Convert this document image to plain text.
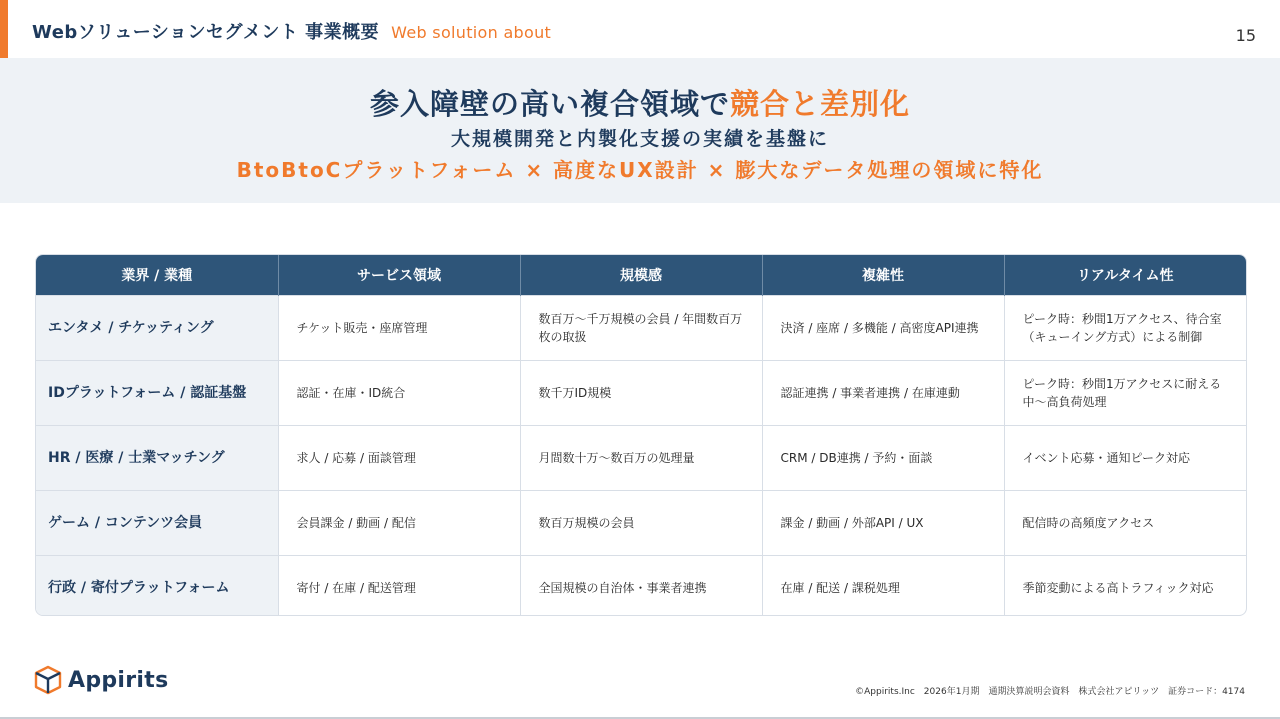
Webソリューションセグメント 事業概要 Web solution about	15
参入障壁の高い複合領域で競合と差別化
大規模開発と内製化支援の実績を基盤に
BtoBtoCプラットフォーム × 高度なUX設計 × 膨大なデータ処理の領域に特化
業界 / 業種	サービス領域	規模感	複雑性	リアルタイム性
エンタメ / チケッティング	チケット販売・座席管理	数百万〜千万規模の会員 / 年間数百万枚の取扱	決済 / 座席 / 多機能 / 高密度API連携	ピーク時：秒間1万アクセス、待合室（キューイング方式）による制御
IDプラットフォーム / 認証基盤	認証・在庫・ID統合	数千万ID規模	認証連携 / 事業者連携 / 在庫連動	ピーク時：秒間1万アクセスに耐える中〜高負荷処理
HR / 医療 / 士業マッチング	求人 / 応募 / 面談管理	月間数十万〜数百万の処理量	CRM / DB連携 / 予約・面談	イベント応募・通知ピーク対応
ゲーム / コンテンツ会員	会員課金 / 動画 / 配信	数百万規模の会員	課金 / 動画 / 外部API / UX	配信時の高頻度アクセス
行政 / 寄付プラットフォーム	寄付 / 在庫 / 配送管理	全国規模の自治体・事業者連携	在庫 / 配送 / 課税処理	季節変動による高トラフィック対応
Appirits	©Appirits.Inc　2026年1月期　通期決算説明会資料　株式会社アピリッツ　証券コード：4174
